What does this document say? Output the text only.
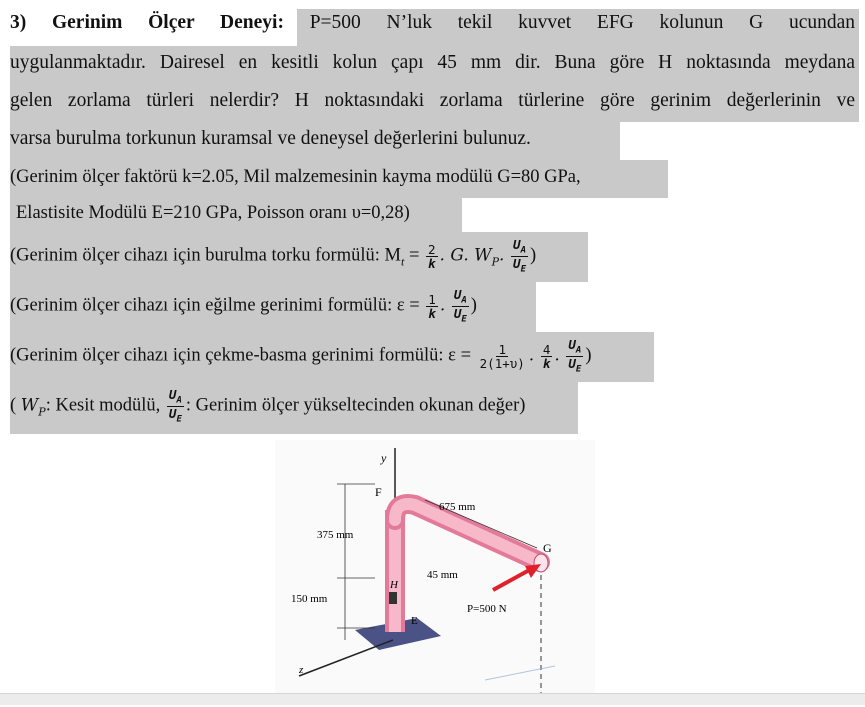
3) Gerinim Ölçer Deneyi: P=500 N’luk tekil kuvvet EFG kolunun G ucundan
uygulanmaktadır. Dairesel en kesitli kolun çapı 45 mm dir. Buna göre H noktasında meydana
gelen zorlama türleri nelerdir? H noktasındaki zorlama türlerine göre gerinim değerlerinin ve
varsa burulma torkunun kuramsal ve deneysel değerlerini bulunuz.
(Gerinim ölçer faktörü k=2.05, Mil malzemesinin kayma modülü G=80 GPa,
Elastisite Modülü E=210 GPa, Poisson oranı υ=0,28)
(Gerinim ölçer cihazı için burulma torku formülü: $M_t = \frac{2}{k}$ . G. $W_P$. $\frac{U_A}{U_E}$ )
(Gerinim ölçer cihazı için eğilme gerinimi formülü: $\varepsilon = \frac{1}{k}$ . $\frac{U_A}{U_E}$ )
(Gerinim ölçer cihazı için çekme-basma gerinimi formülü: $\varepsilon = \frac{1}{2(1+\upsilon)}$ . $\frac{4}{k}$ . $\frac{U_A}{U_E}$ )
( $W_P$: Kesit modülü, $\frac{U_A}{U_E}$ : Gerinim ölçer yükseltecinden okunan değer)
y
z
F
G
H
E
675 mm
375 mm
150 mm
45 mm
P=500 N
